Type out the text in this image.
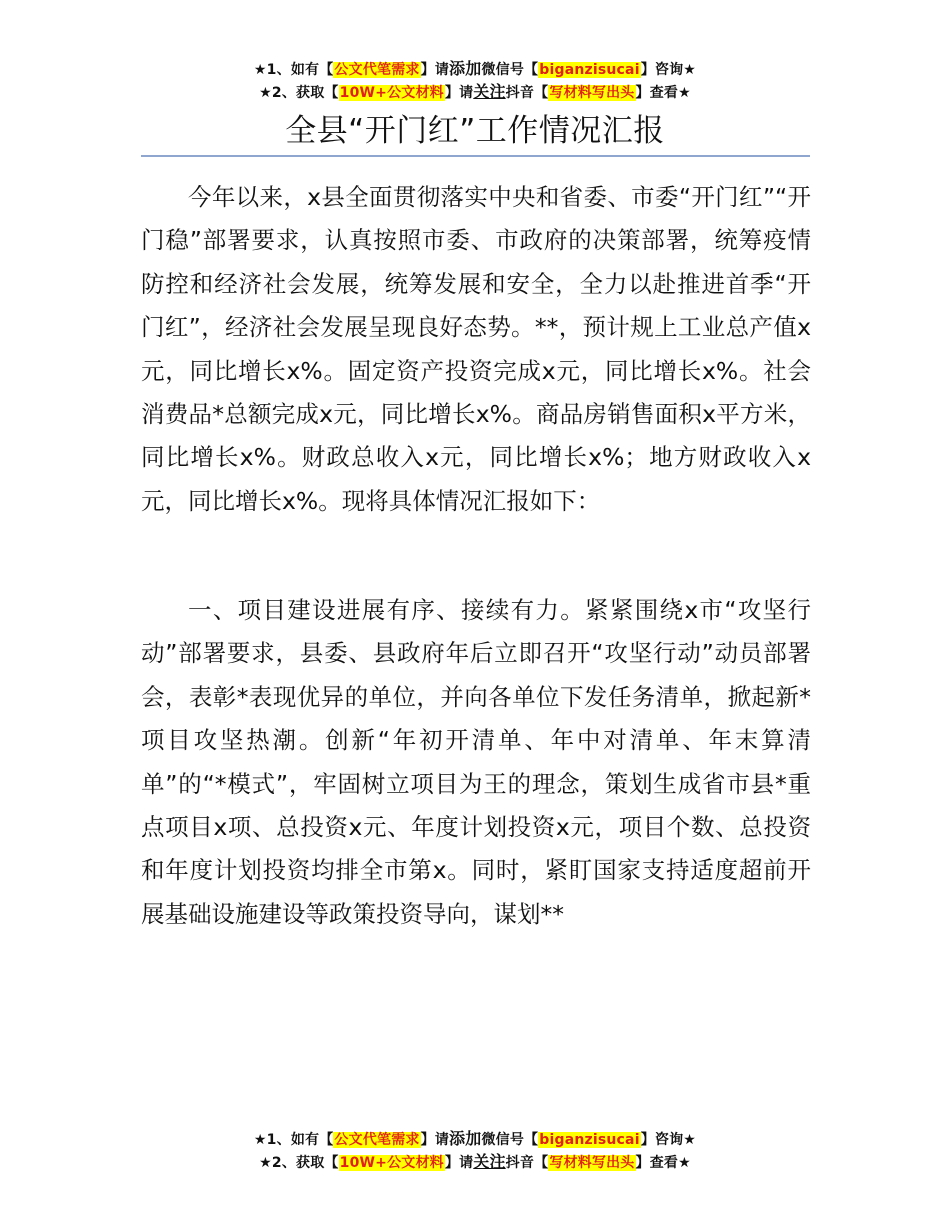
★1、如有【公文代笔需求】请添加微信号【biganzisucai】咨询★
★2、获取【10W+公文材料】请关注抖音【写材料写出头】查看★
全县“开门红”工作情况汇报

今年以来，x县全面贯彻落实中央和省委、市委“开门红”“开门稳”部署要求，认真按照市委、市政府的决策部署，统筹疫情防控和经济社会发展，统筹发展和安全，全力以赴推进首季“开门红”，经济社会发展呈现良好态势。**，预计规上工业总产值x元，同比增长x%。固定资产投资完成x元，同比增长x%。社会消费品*总额完成x元，同比增长x%。商品房销售面积x平方米，同比增长x%。财政总收入x元，同比增长x%；地方财政收入x元，同比增长x%。现将具体情况汇报如下：

一、项目建设进展有序、接续有力。紧紧围绕x市“攻坚行动”部署要求，县委、县政府年后立即召开“攻坚行动”动员部署会，表彰*表现优异的单位，并向各单位下发任务清单，掀起新*项目攻坚热潮。创新“年初开清单、年中对清单、年末算清单”的“*模式”，牢固树立项目为王的理念，策划生成省市县*重点项目x项、总投资x元、年度计划投资x元，项目个数、总投资和年度计划投资均排全市第x。同时，紧盯国家支持适度超前开展基础设施建设等政策投资导向，谋划**

★1、如有【公文代笔需求】请添加微信号【biganzisucai】咨询★
★2、获取【10W+公文材料】请关注抖音【写材料写出头】查看★
